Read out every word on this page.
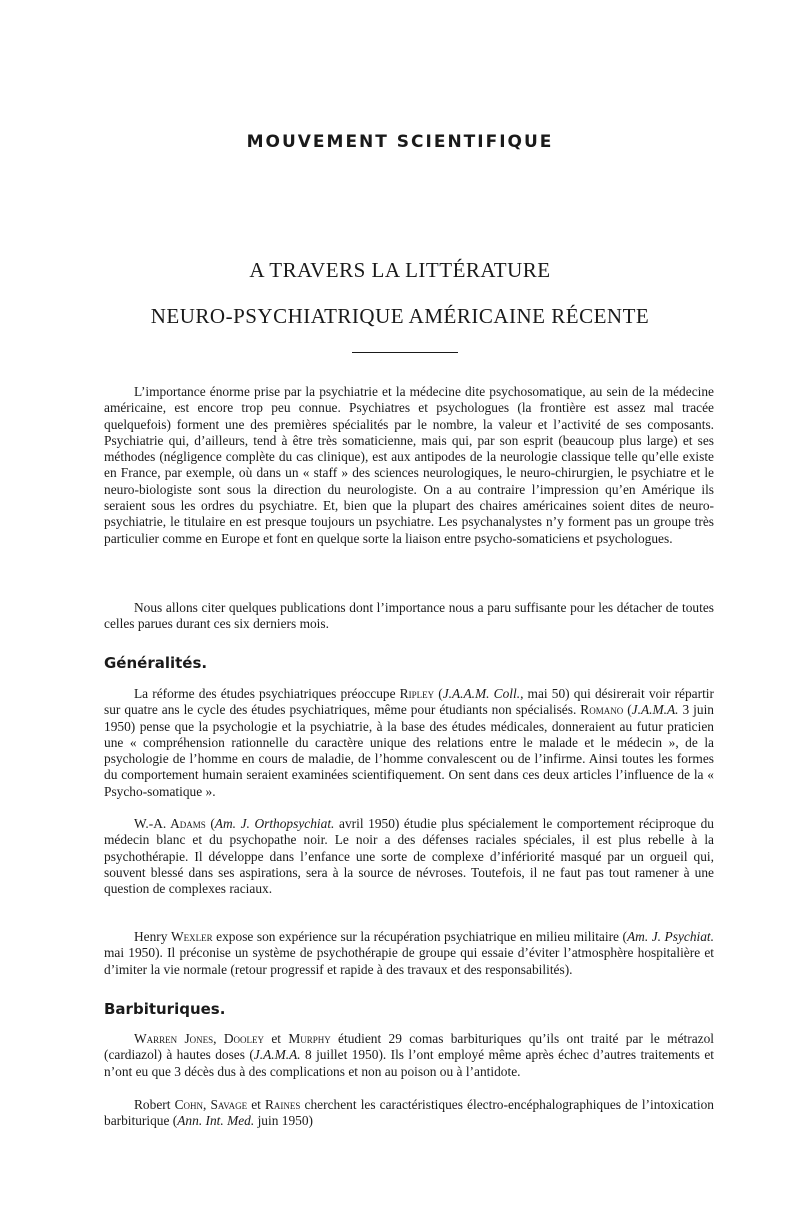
MOUVEMENT SCIENTIFIQUE
A TRAVERS LA LITTÉRATURE
NEURO-PSYCHIATRIQUE AMÉRICAINE RÉCENTE

L’importance énorme prise par la psychiatrie et la médecine dite psychosomatique, au sein de la médecine américaine, est encore trop peu connue. Psychiatres et psychologues (la frontière est assez mal tracée quelquefois) forment une des premières spécialités par le nombre, la valeur et l’activité de ses composants. Psychiatrie qui, d’ailleurs, tend à être très somaticienne, mais qui, par son esprit (beaucoup plus large) et ses méthodes (négligence complète du cas clinique), est aux antipodes de la neurologie classique telle qu’elle existe en France, par exemple, où dans un « staff » des sciences neurologiques, le neuro-chirurgien, le psychiatre et le neuro-biologiste sont sous la direction du neurologiste. On a au contraire l’impression qu’en Amérique ils seraient sous les ordres du psychiatre. Et, bien que la plupart des chaires américaines soient dites de neuro-psychiatrie, le titulaire en est presque toujours un psychiatre. Les psychanalystes n’y forment pas un groupe très particulier comme en Europe et font en quelque sorte la liaison entre psycho-somaticiens et psychologues.

Nous allons citer quelques publications dont l’importance nous a paru suffisante pour les détacher de toutes celles parues durant ces six derniers mois.

Généralités.

La réforme des études psychiatriques préoccupe Ripley (J.A.A.M. Coll., mai 50) qui désirerait voir répartir sur quatre ans le cycle des études psychiatriques, même pour étudiants non spécialisés. Romano (J.A.M.A. 3 juin 1950) pense que la psychologie et la psychiatrie, à la base des études médicales, donneraient au futur praticien une « compréhension rationnelle du caractère unique des relations entre le malade et le médecin », de la psychologie de l’homme en cours de maladie, de l’homme convalescent ou de l’infirme. Ainsi toutes les formes du comportement humain seraient examinées scientifiquement. On sent dans ces deux articles l’influence de la « Psycho-somatique ».

W.-A. Adams (Am. J. Orthopsychiat. avril 1950) étudie plus spécialement le comportement réciproque du médecin blanc et du psychopathe noir. Le noir a des défenses raciales spéciales, il est plus rebelle à la psychothérapie. Il développe dans l’enfance une sorte de complexe d’infériorité masqué par un orgueil qui, souvent blessé dans ses aspirations, sera à la source de névroses. Toutefois, il ne faut pas tout ramener à une question de complexes raciaux.

Henry Wexler expose son expérience sur la récupération psychiatrique en milieu militaire (Am. J. Psychiat. mai 1950). Il préconise un système de psychothérapie de groupe qui essaie d’éviter l’atmosphère hospitalière et d’imiter la vie normale (retour progressif et rapide à des travaux et des responsabilités).

Barbituriques.

Warren Jones, Dooley et Murphy étudient 29 comas barbituriques qu’ils ont traité par le métrazol (cardiazol) à hautes doses (J.A.M.A. 8 juillet 1950). Ils l’ont employé même après échec d’autres traitements et n’ont eu que 3 décès dus à des complications et non au poison ou à l’antidote.

Robert Cohn, Savage et Raines cherchent les caractéristiques électro-encéphalographiques de l’intoxication barbiturique (Ann. Int. Med. juin 1950)
